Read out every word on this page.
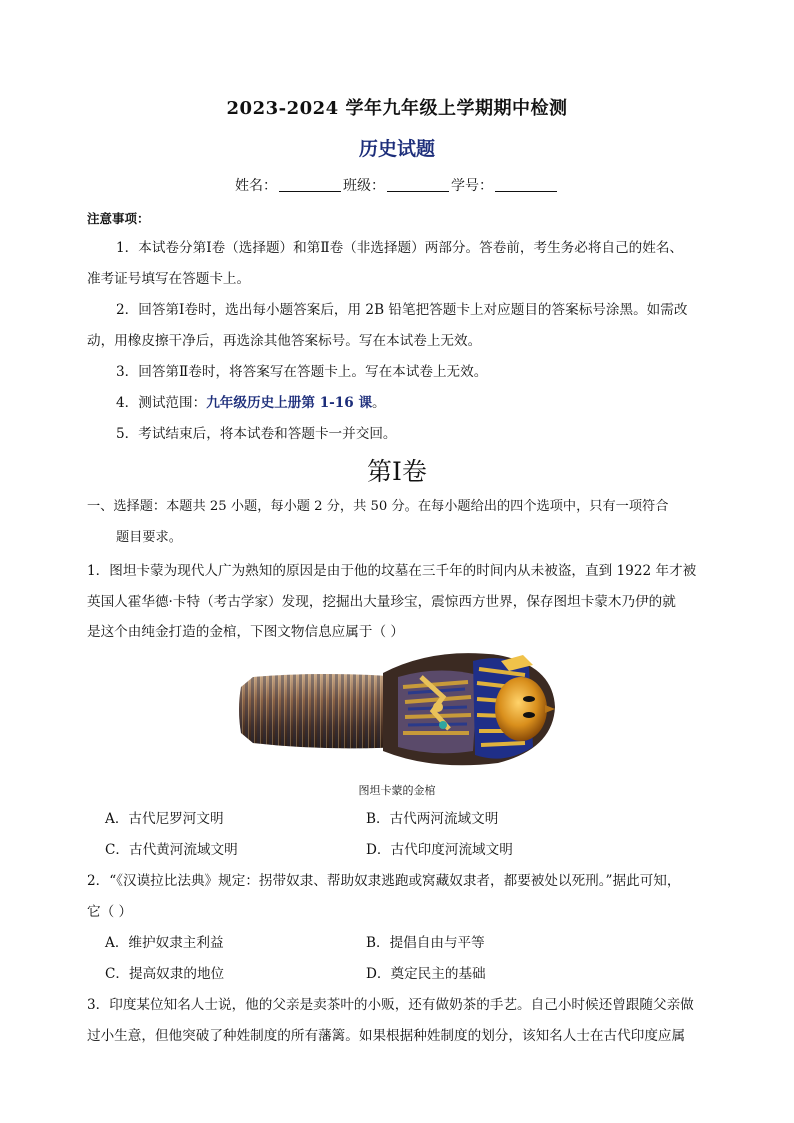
2023-2024 学年九年级上学期期中检测
历史试题
姓名：	班级：	学号：
注意事项：
1．本试卷分第Ⅰ卷（选择题）和第Ⅱ卷（非选择题）两部分。答卷前，考生务必将自己的姓名、
准考证号填写在答题卡上。
2．回答第Ⅰ卷时，选出每小题答案后，用 2B 铅笔把答题卡上对应题目的答案标号涂黑。如需改
动，用橡皮擦干净后，再选涂其他答案标号。写在本试卷上无效。
3．回答第Ⅱ卷时，将答案写在答题卡上。写在本试卷上无效。
4．测试范围：九年级历史上册第 1-16 课。
5．考试结束后，将本试卷和答题卡一并交回。
第Ⅰ卷
一、选择题：本题共 25 小题，每小题 2 分，共 50 分。在每小题给出的四个选项中，只有一项符合
题目要求。
1．图坦卡蒙为现代人广为熟知的原因是由于他的坟墓在三千年的时间内从未被盗，直到 1922 年才被
英国人霍华德·卡特（考古学家）发现，挖掘出大量珍宝，震惊西方世界，保存图坦卡蒙木乃伊的就
是这个由纯金打造的金棺，下图文物信息应属于（ ）
图坦卡蒙的金棺
A．古代尼罗河文明	B．古代两河流域文明
C．古代黄河流域文明	D．古代印度河流域文明
2．“《汉谟拉比法典》规定：拐带奴隶、帮助奴隶逃跑或窝藏奴隶者，都要被处以死刑。”据此可知，
它（ ）
A．维护奴隶主利益	B．提倡自由与平等
C．提高奴隶的地位	D．奠定民主的基础
3．印度某位知名人士说，他的父亲是卖茶叶的小贩，还有做奶茶的手艺。自己小时候还曾跟随父亲做
过小生意，但他突破了种姓制度的所有藩篱。如果根据种姓制度的划分，该知名人士在古代印度应属
